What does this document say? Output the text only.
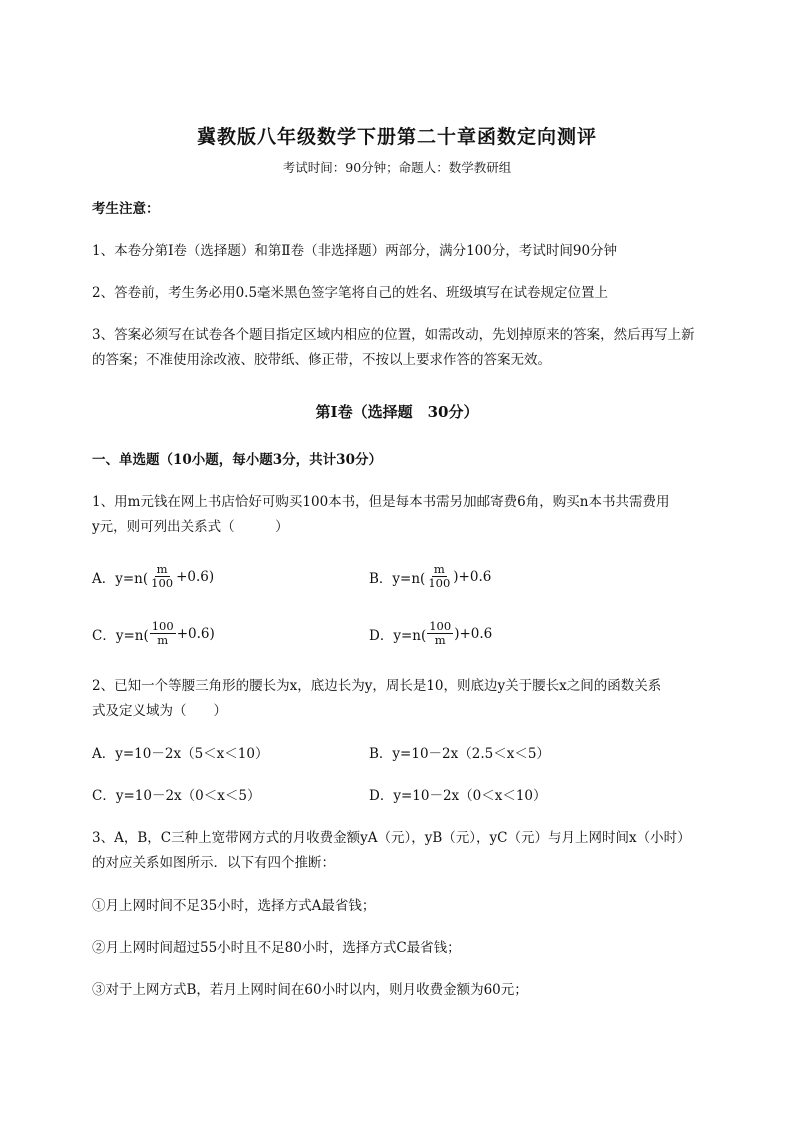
冀教版八年级数学下册第二十章函数定向测评
考试时间：90分钟；命题人：数学教研组
考生注意：
1、本卷分第I卷（选择题）和第Ⅱ卷（非选择题）两部分，满分100分，考试时间90分钟
2、答卷前，考生务必用0.5毫米黑色签字笔将自己的姓名、班级填写在试卷规定位置上
3、答案必须写在试卷各个题目指定区域内相应的位置，如需改动，先划掉原来的答案，然后再写上新
的答案；不准使用涂改液、胶带纸、修正带，不按以上要求作答的答案无效。
第I卷（选择题　30分）
一、单选题（10小题，每小题3分，共计30分）
1、用m元钱在网上书店恰好可购买100本书，但是每本书需另加邮寄费6角，购买n本书共需费用
y元，则可列出关系式（　　　）
A．$y=n( \frac{m}{100} +0.6)$	B．$y=n( \frac{m}{100} )+0.6$
C．$y=n( \frac{100}{m} +0.6)$	D．$y=n( \frac{100}{m} )+0.6$
2、已知一个等腰三角形的腰长为x，底边长为y，周长是10，则底边y关于腰长x之间的函数关系
式及定义域为（　　）
A．y=10－2x（5＜x＜10）	B．y=10－2x（2.5＜x＜5）
C．y=10－2x（0＜x＜5）	D．y=10－2x（0＜x＜10）
3、A，B，C三种上宽带网方式的月收费金额yA（元），yB（元），yC（元）与月上网时间x（小时）
的对应关系如图所示．以下有四个推断：
①月上网时间不足35小时，选择方式A最省钱；
②月上网时间超过55小时且不足80小时，选择方式C最省钱；
③对于上网方式B，若月上网时间在60小时以内，则月收费金额为60元；
